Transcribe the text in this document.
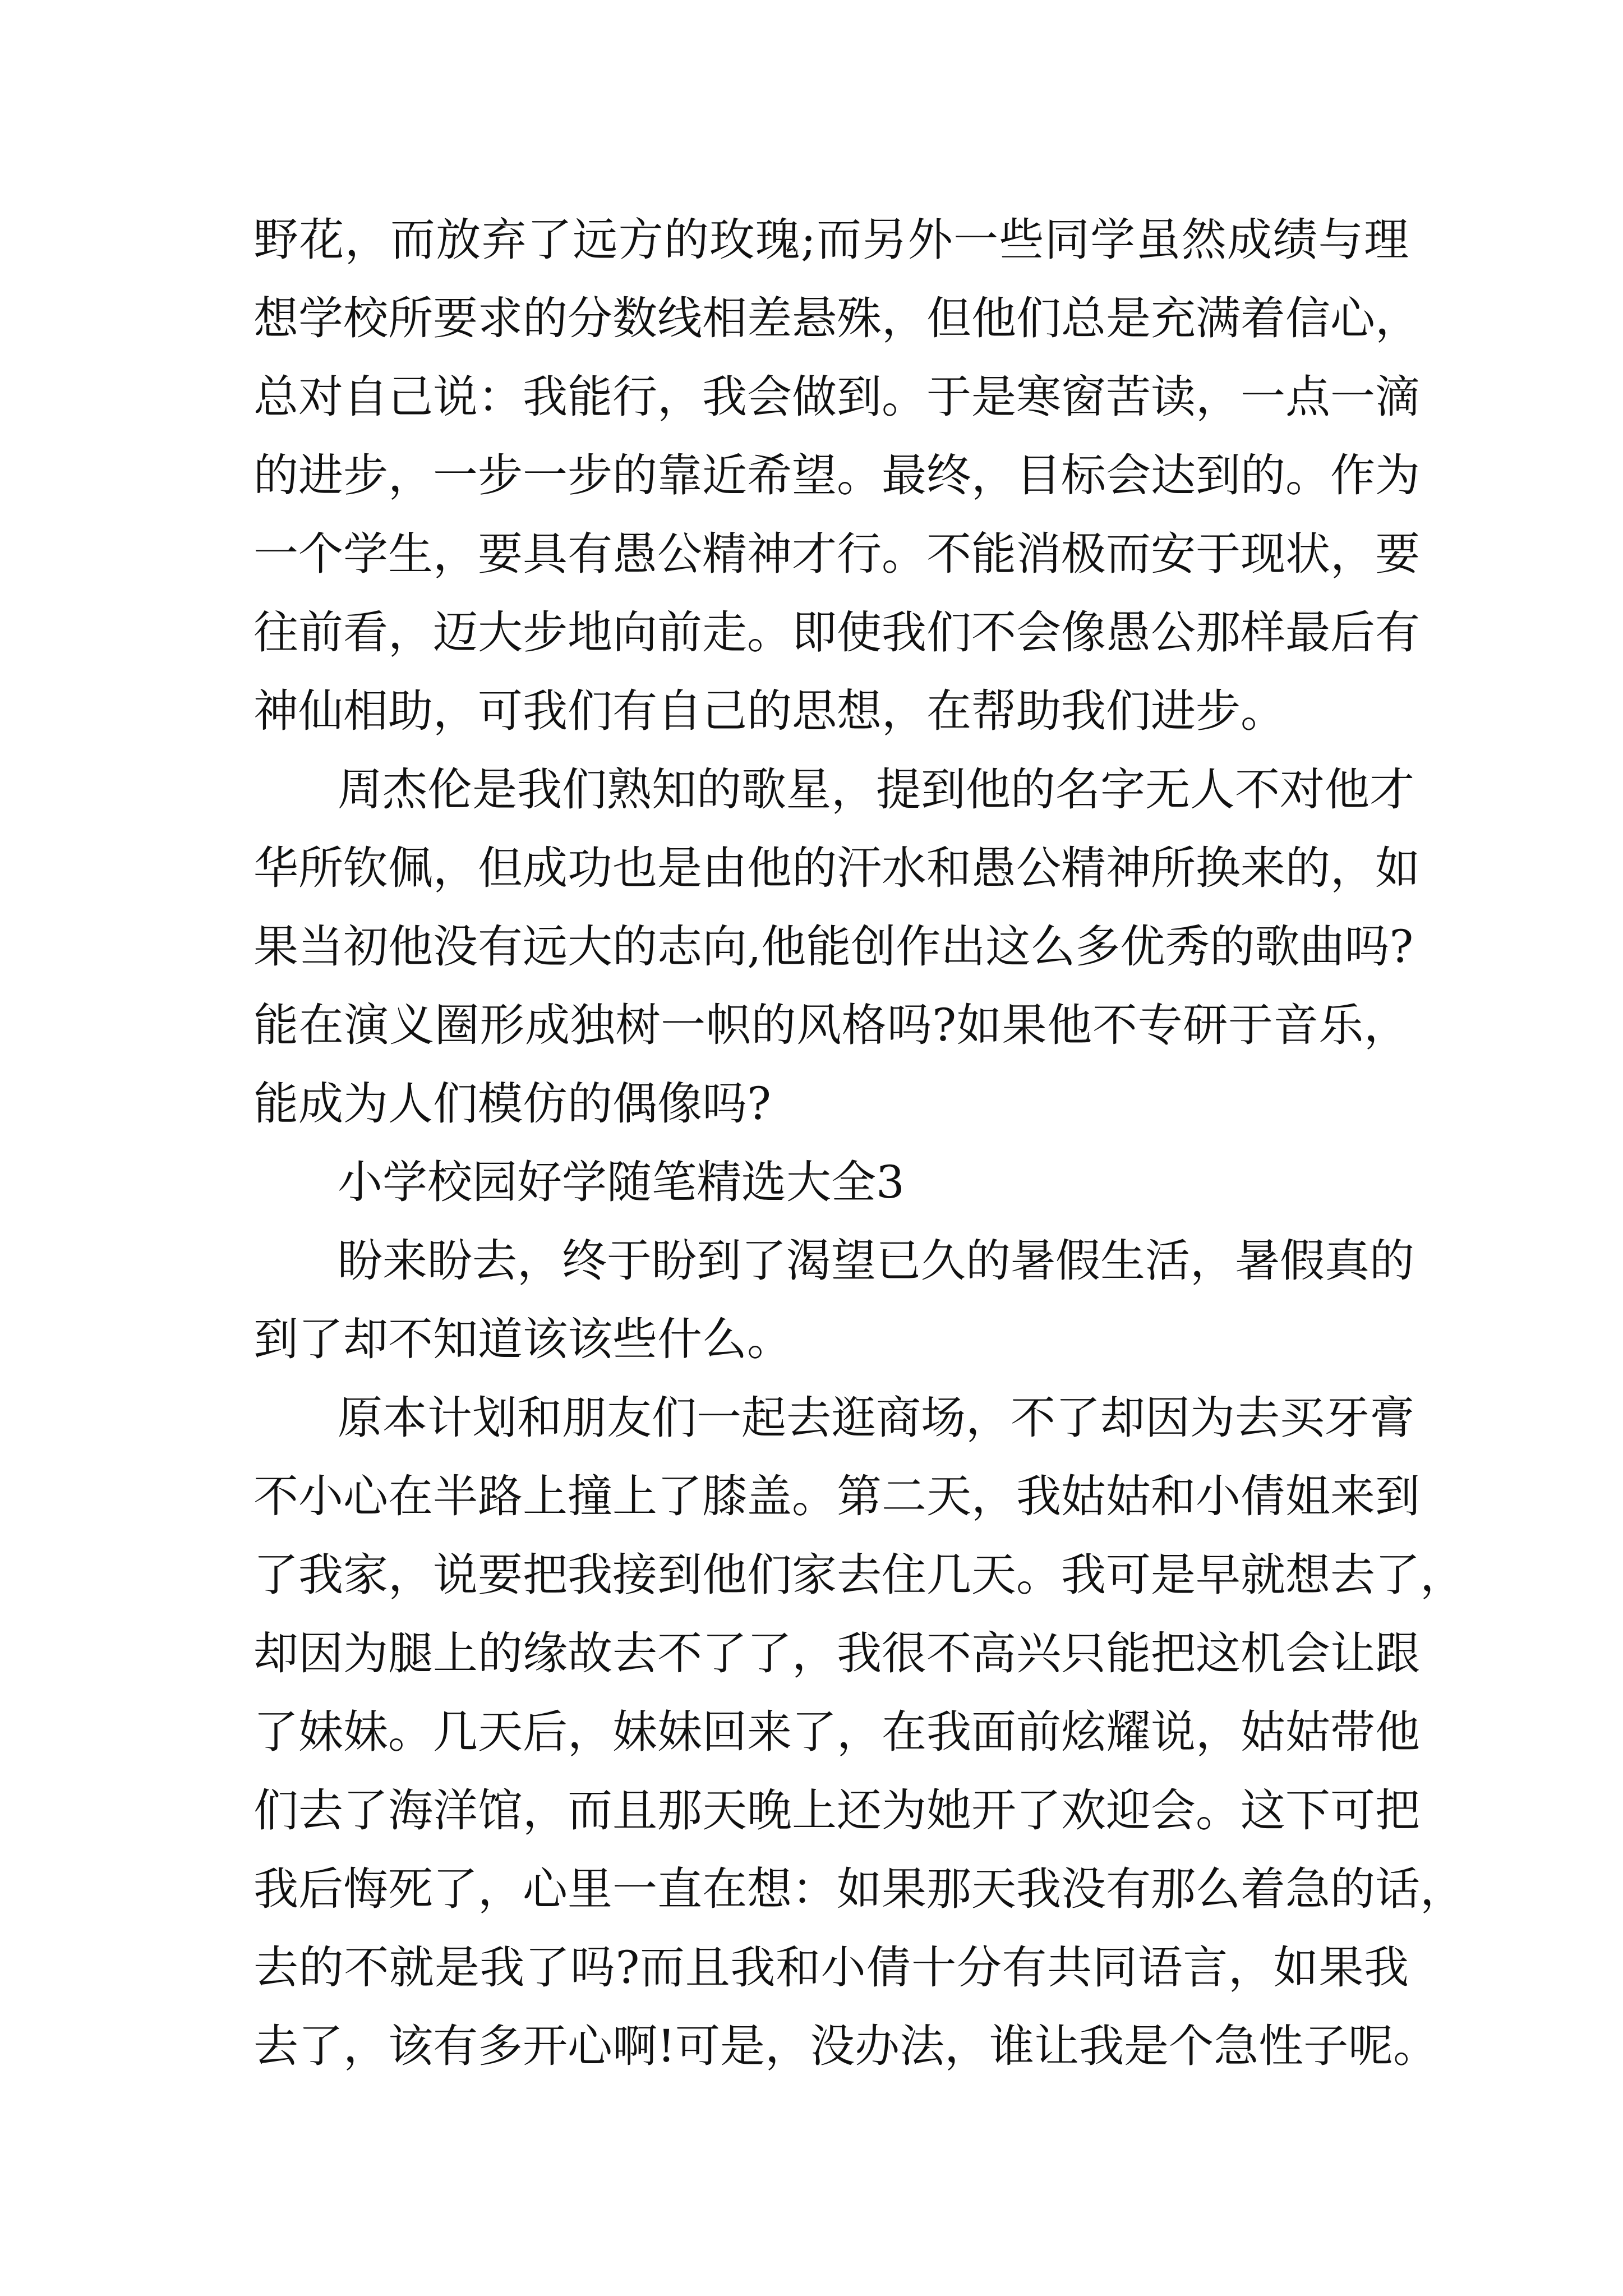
野花，而放弃了远方的玫瑰;而另外一些同学虽然成绩与理
想学校所要求的分数线相差悬殊，但他们总是充满着信心，
总对自己说：我能行，我会做到。于是寒窗苦读，一点一滴
的进步，一步一步的靠近希望。最终，目标会达到的。作为
一个学生，要具有愚公精神才行。不能消极而安于现状，要
往前看，迈大步地向前走。即使我们不会像愚公那样最后有
神仙相助，可我们有自己的思想，在帮助我们进步。
周杰伦是我们熟知的歌星，提到他的名字无人不对他才
华所钦佩，但成功也是由他的汗水和愚公精神所换来的，如
果当初他没有远大的志向,他能创作出这么多优秀的歌曲吗?
能在演义圈形成独树一帜的风格吗?如果他不专研于音乐，
能成为人们模仿的偶像吗?
小学校园好学随笔精选大全3
盼来盼去，终于盼到了渴望已久的暑假生活，暑假真的
到了却不知道该该些什么。
原本计划和朋友们一起去逛商场，不了却因为去买牙膏
不小心在半路上撞上了膝盖。第二天，我姑姑和小倩姐来到
了我家，说要把我接到他们家去住几天。我可是早就想去了，
却因为腿上的缘故去不了了，我很不高兴只能把这机会让跟
了妹妹。几天后，妹妹回来了，在我面前炫耀说，姑姑带他
们去了海洋馆，而且那天晚上还为她开了欢迎会。这下可把
我后悔死了，心里一直在想：如果那天我没有那么着急的话，
去的不就是我了吗?而且我和小倩十分有共同语言，如果我
去了，该有多开心啊!可是，没办法，谁让我是个急性子呢。
